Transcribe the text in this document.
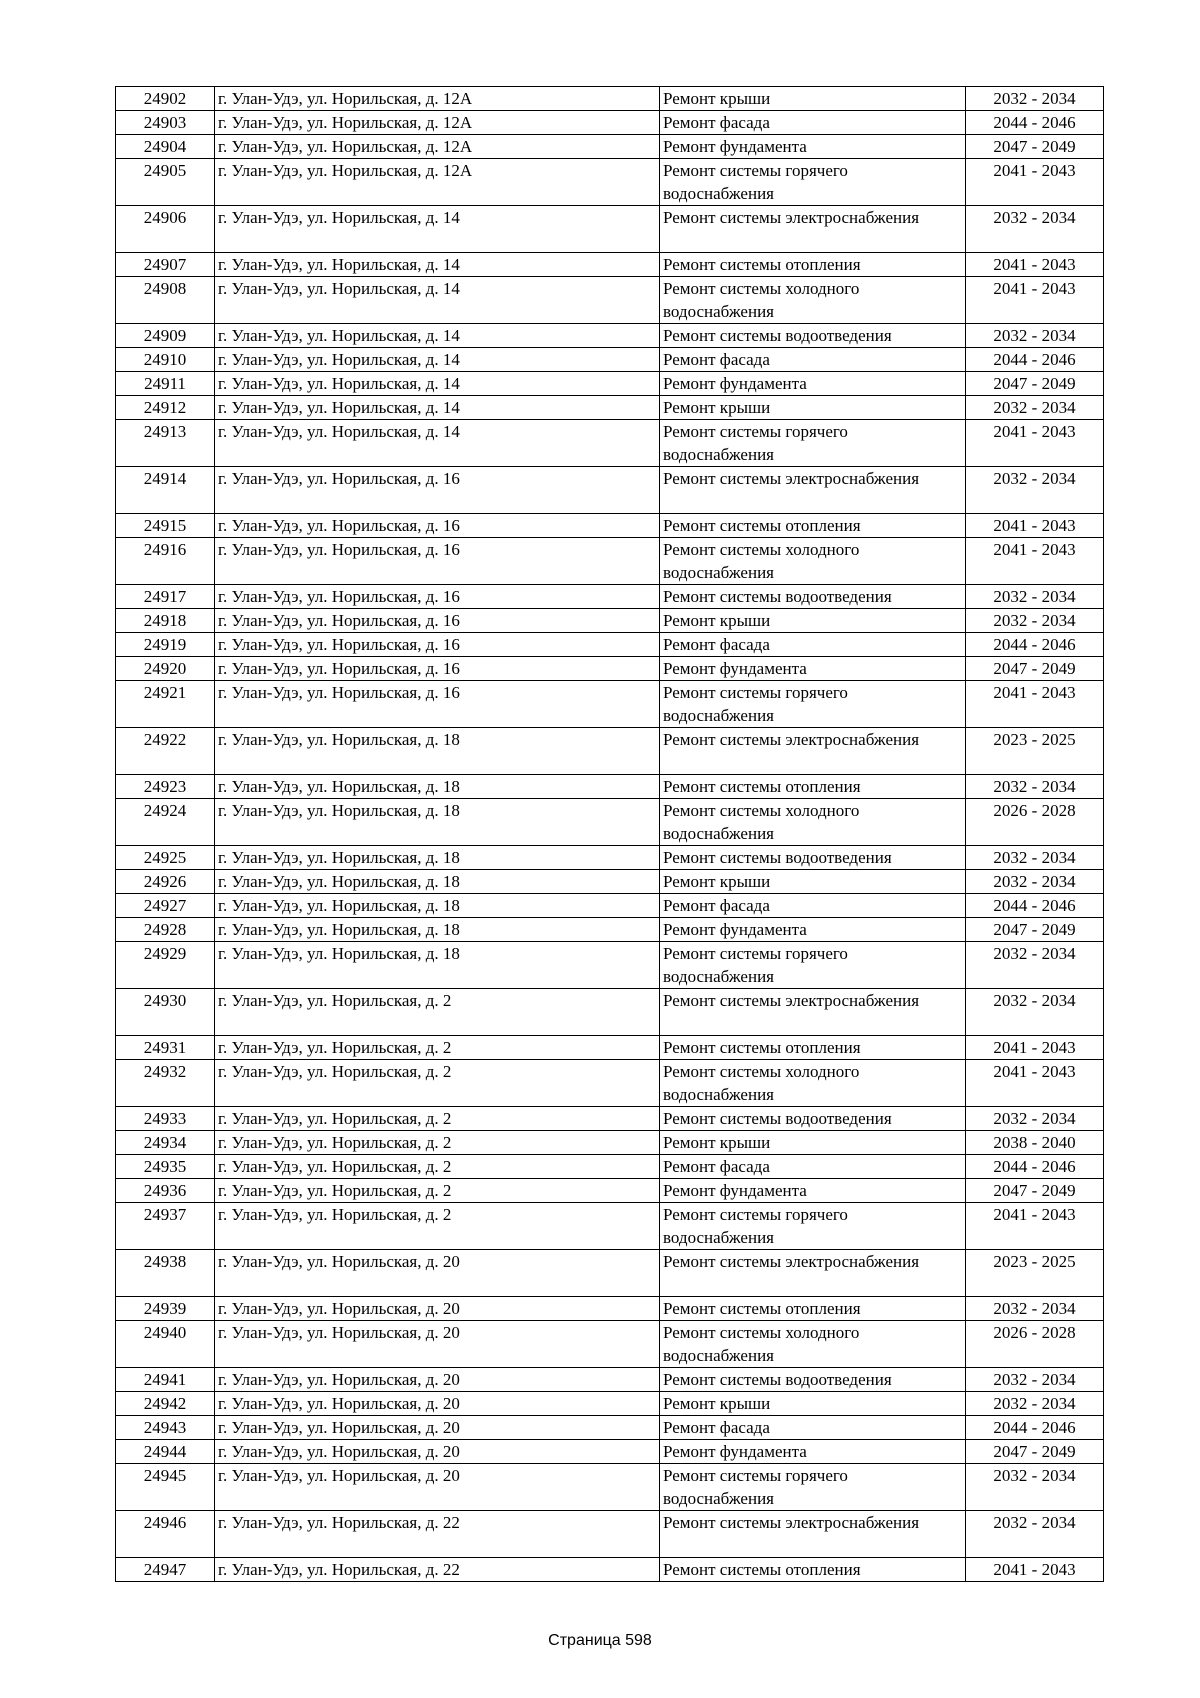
24902	г. Улан-Удэ, ул. Норильская, д. 12А	Ремонт крыши	2032 - 2034
24903	г. Улан-Удэ, ул. Норильская, д. 12А	Ремонт фасада	2044 - 2046
24904	г. Улан-Удэ, ул. Норильская, д. 12А	Ремонт фундамента	2047 - 2049
24905	г. Улан-Удэ, ул. Норильская, д. 12А	Ремонт системы горячего водоснабжения	2041 - 2043
24906	г. Улан-Удэ, ул. Норильская, д. 14	Ремонт системы электроснабжения	2032 - 2034
24907	г. Улан-Удэ, ул. Норильская, д. 14	Ремонт системы отопления	2041 - 2043
24908	г. Улан-Удэ, ул. Норильская, д. 14	Ремонт системы холодного водоснабжения	2041 - 2043
24909	г. Улан-Удэ, ул. Норильская, д. 14	Ремонт системы водоотведения	2032 - 2034
24910	г. Улан-Удэ, ул. Норильская, д. 14	Ремонт фасада	2044 - 2046
24911	г. Улан-Удэ, ул. Норильская, д. 14	Ремонт фундамента	2047 - 2049
24912	г. Улан-Удэ, ул. Норильская, д. 14	Ремонт крыши	2032 - 2034
24913	г. Улан-Удэ, ул. Норильская, д. 14	Ремонт системы горячего водоснабжения	2041 - 2043
24914	г. Улан-Удэ, ул. Норильская, д. 16	Ремонт системы электроснабжения	2032 - 2034
24915	г. Улан-Удэ, ул. Норильская, д. 16	Ремонт системы отопления	2041 - 2043
24916	г. Улан-Удэ, ул. Норильская, д. 16	Ремонт системы холодного водоснабжения	2041 - 2043
24917	г. Улан-Удэ, ул. Норильская, д. 16	Ремонт системы водоотведения	2032 - 2034
24918	г. Улан-Удэ, ул. Норильская, д. 16	Ремонт крыши	2032 - 2034
24919	г. Улан-Удэ, ул. Норильская, д. 16	Ремонт фасада	2044 - 2046
24920	г. Улан-Удэ, ул. Норильская, д. 16	Ремонт фундамента	2047 - 2049
24921	г. Улан-Удэ, ул. Норильская, д. 16	Ремонт системы горячего водоснабжения	2041 - 2043
24922	г. Улан-Удэ, ул. Норильская, д. 18	Ремонт системы электроснабжения	2023 - 2025
24923	г. Улан-Удэ, ул. Норильская, д. 18	Ремонт системы отопления	2032 - 2034
24924	г. Улан-Удэ, ул. Норильская, д. 18	Ремонт системы холодного водоснабжения	2026 - 2028
24925	г. Улан-Удэ, ул. Норильская, д. 18	Ремонт системы водоотведения	2032 - 2034
24926	г. Улан-Удэ, ул. Норильская, д. 18	Ремонт крыши	2032 - 2034
24927	г. Улан-Удэ, ул. Норильская, д. 18	Ремонт фасада	2044 - 2046
24928	г. Улан-Удэ, ул. Норильская, д. 18	Ремонт фундамента	2047 - 2049
24929	г. Улан-Удэ, ул. Норильская, д. 18	Ремонт системы горячего водоснабжения	2032 - 2034
24930	г. Улан-Удэ, ул. Норильская, д. 2	Ремонт системы электроснабжения	2032 - 2034
24931	г. Улан-Удэ, ул. Норильская, д. 2	Ремонт системы отопления	2041 - 2043
24932	г. Улан-Удэ, ул. Норильская, д. 2	Ремонт системы холодного водоснабжения	2041 - 2043
24933	г. Улан-Удэ, ул. Норильская, д. 2	Ремонт системы водоотведения	2032 - 2034
24934	г. Улан-Удэ, ул. Норильская, д. 2	Ремонт крыши	2038 - 2040
24935	г. Улан-Удэ, ул. Норильская, д. 2	Ремонт фасада	2044 - 2046
24936	г. Улан-Удэ, ул. Норильская, д. 2	Ремонт фундамента	2047 - 2049
24937	г. Улан-Удэ, ул. Норильская, д. 2	Ремонт системы горячего водоснабжения	2041 - 2043
24938	г. Улан-Удэ, ул. Норильская, д. 20	Ремонт системы электроснабжения	2023 - 2025
24939	г. Улан-Удэ, ул. Норильская, д. 20	Ремонт системы отопления	2032 - 2034
24940	г. Улан-Удэ, ул. Норильская, д. 20	Ремонт системы холодного водоснабжения	2026 - 2028
24941	г. Улан-Удэ, ул. Норильская, д. 20	Ремонт системы водоотведения	2032 - 2034
24942	г. Улан-Удэ, ул. Норильская, д. 20	Ремонт крыши	2032 - 2034
24943	г. Улан-Удэ, ул. Норильская, д. 20	Ремонт фасада	2044 - 2046
24944	г. Улан-Удэ, ул. Норильская, д. 20	Ремонт фундамента	2047 - 2049
24945	г. Улан-Удэ, ул. Норильская, д. 20	Ремонт системы горячего водоснабжения	2032 - 2034
24946	г. Улан-Удэ, ул. Норильская, д. 22	Ремонт системы электроснабжения	2032 - 2034
24947	г. Улан-Удэ, ул. Норильская, д. 22	Ремонт системы отопления	2041 - 2043
Страница 598
